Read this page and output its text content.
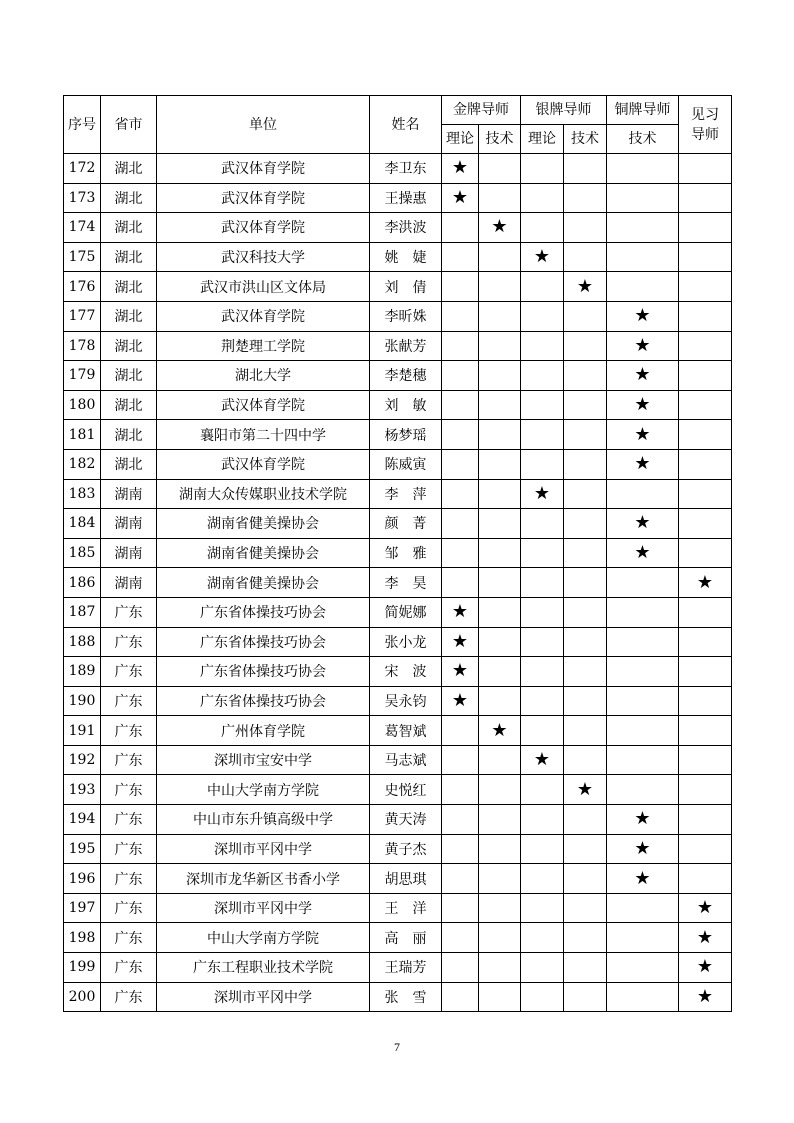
序号	省市	单位	姓名	金牌导师		银牌导师		铜牌导师	见习导师
				理论	技术	理论	技术	技术	
172	湖北	武汉体育学院	李卫东	★					
173	湖北	武汉体育学院	王操惠	★					
174	湖北	武汉体育学院	李洪波		★				
175	湖北	武汉科技大学	姚　婕			★			
176	湖北	武汉市洪山区文体局	刘　倩				★		
177	湖北	武汉体育学院	李昕姝					★	
178	湖北	荆楚理工学院	张献芳					★	
179	湖北	湖北大学	李楚穗					★	
180	湖北	武汉体育学院	刘　敏					★	
181	湖北	襄阳市第二十四中学	杨梦瑶					★	
182	湖北	武汉体育学院	陈威寅					★	
183	湖南	湖南大众传媒职业技术学院	李　萍			★			
184	湖南	湖南省健美操协会	颜　菁					★	
185	湖南	湖南省健美操协会	邹　雅					★	
186	湖南	湖南省健美操协会	李　昊						★
187	广东	广东省体操技巧协会	简妮娜	★					
188	广东	广东省体操技巧协会	张小龙	★					
189	广东	广东省体操技巧协会	宋　波	★					
190	广东	广东省体操技巧协会	吴永钧	★					
191	广东	广州体育学院	葛智斌		★				
192	广东	深圳市宝安中学	马志斌			★			
193	广东	中山大学南方学院	史悦红				★		
194	广东	中山市东升镇高级中学	黄天涛					★	
195	广东	深圳市平冈中学	黄子杰					★	
196	广东	深圳市龙华新区书香小学	胡思琪					★	
197	广东	深圳市平冈中学	王　洋						★
198	广东	中山大学南方学院	高　丽						★
199	广东	广东工程职业技术学院	王瑞芳						★
200	广东	深圳市平冈中学	张　雪						★
7
